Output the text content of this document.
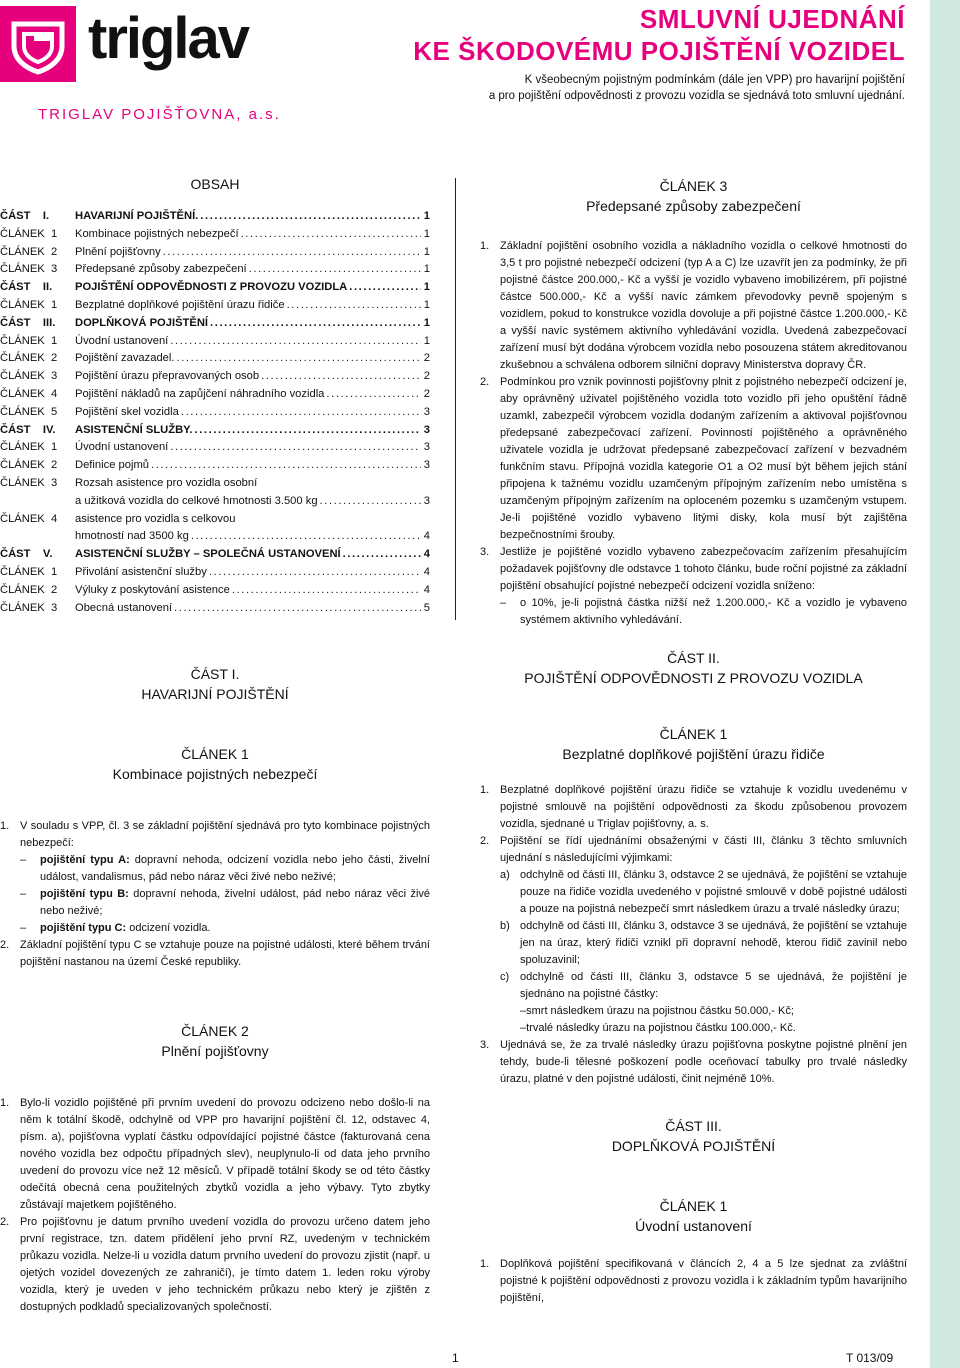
triglav
TRIGLAV POJIŠŤOVNA, a.s.
SMLUVNÍ UJEDNÁNÍ
KE ŠKODOVÉMU POJIŠTĚNÍ VOZIDEL
K všeobecným pojistným podmínkám (dále jen VPP) pro havarijní pojištění
a pro pojištění odpovědnosti z provozu vozidla se sjednává toto smluvní ujednání.
OBSAH
ČÁST    I.	HAVARIJNÍ POJIŠTĚNÍ. .....	1
ČLÁNEK  1	Kombinace pojistných nebezpečí .....	1
ČLÁNEK  2	Plnění pojišťovny .....	1
ČLÁNEK  3	Předepsané způsoby zabezpečení .....	1
ČÁST    II.	POJIŠTĚNÍ ODPOVĚDNOSTI Z PROVOZU VOZIDLA .....	1
ČLÁNEK  1	Bezplatné doplňkové pojištění úrazu řidiče .....	1
ČÁST    III.	DOPLŇKOVÁ POJIŠTĚNÍ .....	1
ČLÁNEK  1	Úvodní ustanovení .....	1
ČLÁNEK  2	Pojištění zavazadel. .....	2
ČLÁNEK  3	Pojištění úrazu přepravovaných osob .....	2
ČLÁNEK  4	Pojištění nákladů na zapůjčení náhradního vozidla .....	2
ČLÁNEK  5	Pojištění skel vozidla .....	3
ČÁST    IV.	ASISTENČNÍ SLUŽBY. .....	3
ČLÁNEK  1	Úvodní ustanovení .....	3
ČLÁNEK  2	Definice pojmů .....	3
ČLÁNEK  3	Rozsah asistence pro vozidla osobní
a užitková vozidla do celkové hmotnosti 3.500 kg .....	3
ČLÁNEK  4	asistence pro vozidla s celkovou
hmotností nad 3500 kg .....	4
ČÁST    V.	ASISTENČNÍ SLUŽBY – SPOLEČNÁ USTANOVENÍ .....	4
ČLÁNEK  1	Přivolání asistenční služby .....	4
ČLÁNEK  2	Výluky z poskytování asistence .....	4
ČLÁNEK  3	Obecná ustanovení .....	5
ČLÁNEK 3
Předepsané způsoby zabezpečení
1. Základní pojištění osobního vozidla a nákladního vozidla o celkové hmotnosti do 3,5 t pro pojistné nebezpečí odcizení (typ A a C) lze uzavřít jen za podmínky, že při pojistné částce 200.000,- Kč a vyšší je vozidlo vybaveno imobilizérem, při pojistné částce 500.000,- Kč a vyšší navíc zámkem převodovky pevně spojeným s vozidlem, pokud to konstrukce vozidla dovoluje a při pojistné částce 1.200.000,- Kč a vyšší navíc systémem aktivního vyhledávání vozidla. Uvedená zabezpečovací zařízení musí být dodána výrobcem vozidla nebo posouzena státem akreditovanou zkušebnou a schválena odborem silniční dopravy Ministerstva dopravy ČR.
2. Podmínkou pro vznik povinnosti pojišťovny plnit z pojistného nebezpečí odcizení je, aby oprávněný uživatel pojištěného vozidla toto vozidlo při jeho opuštění řádně uzamkl, zabezpečil výrobcem vozidla dodaným zařízením a aktivoval pojišťovnou předepsané zabezpečovací zařízení. Povinností pojištěného a oprávněného uživatele vozidla je udržovat předepsané zabezpečovací zařízení v bezvadném funkčním stavu. Přípojná vozidla kategorie O1 a O2 musí být během jejich stání připojena k tažnému vozidlu uzamčeným přípojným zařízením nebo umístěna s uzamčeným přípojným zařízením na oploceném pozemku s uzamčeným vstupem. Je-li pojištěné vozidlo vybaveno litými disky, kola musí být zajištěna bezpečnostními šrouby.
3. Jestliže je pojištěné vozidlo vybaveno zabezpečovacím zařízením přesahujícím požadavek pojišťovny dle odstavce 1 tohoto článku, bude roční pojistné za základní pojištění obsahující pojistné nebezpečí odcizení vozidla sníženo:
–	o 10%, je-li pojistná částka nižší než 1.200.000,- Kč a vozidlo je vybaveno systémem aktivního vyhledávání.
ČÁST I.
HAVARIJNÍ POJIŠTĚNÍ
ČLÁNEK 1
Kombinace pojistných nebezpečí
1. V souladu s VPP, čl. 3 se základní pojištění sjednává pro tyto kombinace pojistných nebezpečí:
–	pojištění typu A: dopravní nehoda, odcizení vozidla nebo jeho části, živelní událost, vandalismus, pád nebo náraz věci živé nebo neživé;
–	pojištění typu B: dopravní nehoda, živelní událost, pád nebo náraz věci živé nebo neživé;
–	pojištění typu C: odcizení vozidla.
2. Základní pojištění typu C se vztahuje pouze na pojistné události, které během trvání pojištění nastanou na území České republiky.
ČLÁNEK 2
Plnění pojišťovny
1. Bylo-li vozidlo pojištěné při prvním uvedení do provozu odcizeno nebo došlo-li na něm k totální škodě, odchylně od VPP pro havarijní pojištění čl. 12, odstavec 4, písm. a), pojišťovna vyplatí částku odpovídající pojistné částce (fakturovaná cena nového vozidla bez odpočtu případných slev), neuplynulo-li od data jeho prvního uvedení do provozu více než 12 měsíců. V případě totální škody se od této částky odečítá obecná cena použitelných zbytků vozidla a jeho výbavy. Tyto zbytky zůstávají majetkem pojištěného.
2. Pro pojišťovnu je datum prvního uvedení vozidla do provozu určeno datem jeho první registrace, tzn. datem přidělení jeho první RZ, uvedeným v technickém průkazu vozidla. Nelze-li u vozidla datum prvního uvedení do provozu zjistit (např. u ojetých vozidel dovezených ze zahraničí), je tímto datem 1. leden roku výroby vozidla, který je uveden v jeho technickém průkazu nebo který je zjištěn z dostupných podkladů specializovaných společností.
ČÁST II.
POJIŠTĚNÍ ODPOVĚDNOSTI Z PROVOZU VOZIDLA
ČLÁNEK 1
Bezplatné doplňkové pojištění úrazu řidiče
1. Bezplatné doplňkové pojištění úrazu řidiče se vztahuje k vozidlu uvedenému v pojistné smlouvě na pojištění odpovědnosti za škodu způsobenou provozem vozidla, sjednané u Triglav pojišťovny, a. s.
2. Pojištění se řídí ujednáními obsaženými v části III, článku 3 těchto smluvních ujednání s následujícími výjimkami:
a) odchylně od části III, článku 3, odstavce 2 se ujednává, že pojištění se vztahuje pouze na řidiče vozidla uvedeného v pojistné smlouvě v době pojistné události a pouze na pojistná nebezpečí smrt následkem úrazu a trvalé následky úrazu;
b) odchylně od části III, článku 3, odstavce 3 se ujednává, že pojištění se vztahuje jen na úraz, který řidiči vznikl při dopravní nehodě, kterou řidič zavinil nebo spoluzavinil;
c) odchylně od části III, článku 3, odstavce 5 se ujednává, že pojištění je sjednáno na pojistné částky:
–smrt následkem úrazu na pojistnou částku 50.000,- Kč;
–trvalé následky úrazu na pojistnou částku 100.000,- Kč.
3. Ujednává se, že za trvalé následky úrazu pojišťovna poskytne pojistné plnění jen tehdy, bude-li tělesné poškození podle oceňovací tabulky pro trvalé následky úrazu, platné v den pojistné události, činit nejméně 10%.
ČÁST III.
DOPLŇKOVÁ POJIŠTĚNÍ
ČLÁNEK 1
Úvodní ustanovení
1. Doplňková pojištění specifikovaná v článcích 2, 4 a 5 lze sjednat za zvláštní pojistné k pojištění odpovědnosti z provozu vozidla i k základním typům havarijního pojištění,
1	T 013/09
